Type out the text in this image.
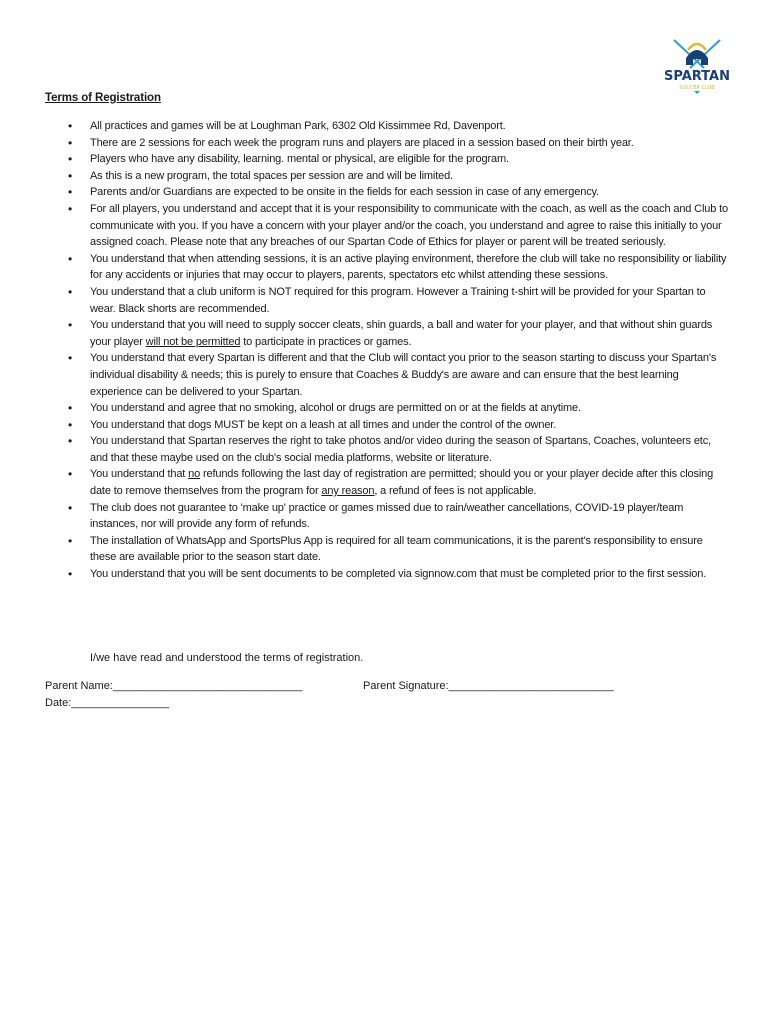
SPARTAN
SOCCER CLUB
Terms of Registration
• All practices and games will be at Loughman Park, 6302 Old Kissimmee Rd, Davenport.
• There are 2 sessions for each week the program runs and players are placed in a session based on their birth year.
• Players who have any disability, learning. mental or physical, are eligible for the program.
• As this is a new program, the total spaces per session are and will be limited.
• Parents and/or Guardians are expected to be onsite in the fields for each session in case of any emergency.
• For all players, you understand and accept that it is your responsibility to communicate with the coach, as well as the coach and Club to communicate with you. If you have a concern with your player and/or the coach, you understand and agree to raise this initially to your assigned coach. Please note that any breaches of our Spartan Code of Ethics for player or parent will be treated seriously.
• You understand that when attending sessions, it is an active playing environment, therefore the club will take no responsibility or liability for any accidents or injuries that may occur to players, parents, spectators etc whilst attending these sessions.
• You understand that a club uniform is NOT required for this program. However a Training t-shirt will be provided for your Spartan to wear. Black shorts are recommended.
• You understand that you will need to supply soccer cleats, shin guards, a ball and water for your player, and that without shin guards your player will not be permitted to participate in practices or games.
• You understand that every Spartan is different and that the Club will contact you prior to the season starting to discuss your Spartan's individual disability & needs; this is purely to ensure that Coaches & Buddy's are aware and can ensure that the best learning experience can be delivered to your Spartan.
• You understand and agree that no smoking, alcohol or drugs are permitted on or at the fields at anytime.
• You understand that dogs MUST be kept on a leash at all times and under the control of the owner.
• You understand that Spartan reserves the right to take photos and/or video during the season of Spartans, Coaches, volunteers etc, and that these maybe used on the club's social media platforms, website or literature.
• You understand that no refunds following the last day of registration are permitted; should you or your player decide after this closing date to remove themselves from the program for any reason, a refund of fees is not applicable.
• The club does not guarantee to 'make up' practice or games missed due to rain/weather cancellations, COVID-19 player/team instances, nor will provide any form of refunds.
• The installation of WhatsApp and SportsPlus App is required for all team communications, it is the parent's responsibility to ensure these are available prior to the season start date.
• You understand that you will be sent documents to be completed via signnow.com that must be completed prior to the first session.
I/we have read and understood the terms of registration.
Parent Name:_______________________________	Parent Signature:___________________________
Date:________________
